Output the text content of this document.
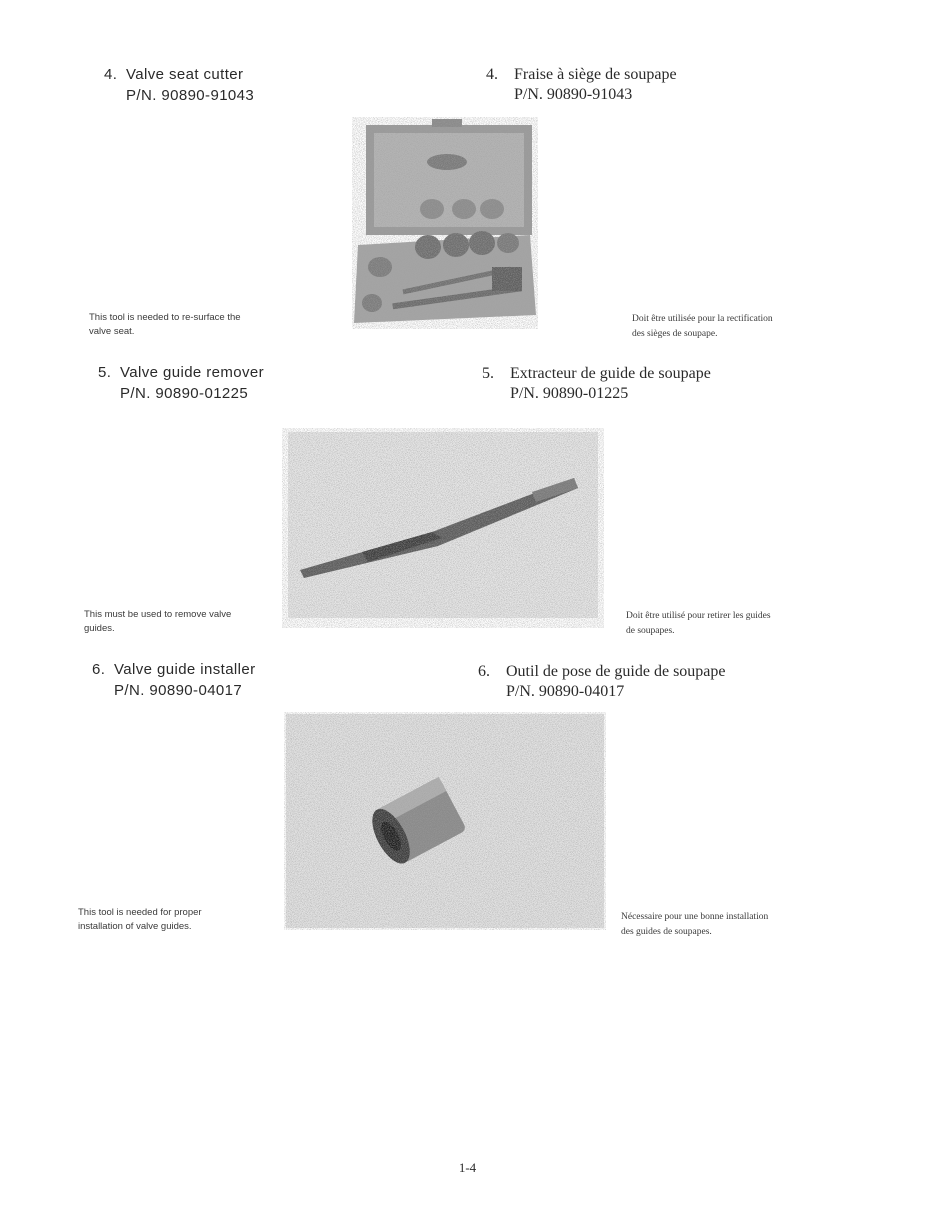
4. Valve seat cutter
P/N. 90890-91043
4. Fraise à siège de soupape
P/N. 90890-91043
This tool is needed to re-surface the
valve seat.
Doit être utilisée pour la rectification
des sièges de soupape.
5. Valve guide remover
P/N. 90890-01225
5. Extracteur de guide de soupape
P/N. 90890-01225
This must be used to remove valve
guides.
Doit être utilisé pour retirer les guides
de soupapes.
6. Valve guide installer
P/N. 90890-04017
6. Outil de pose de guide de soupape
P/N. 90890-04017
This tool is needed for proper
installation of valve guides.
Nécessaire pour une bonne installation
des guides de soupapes.
1-4
